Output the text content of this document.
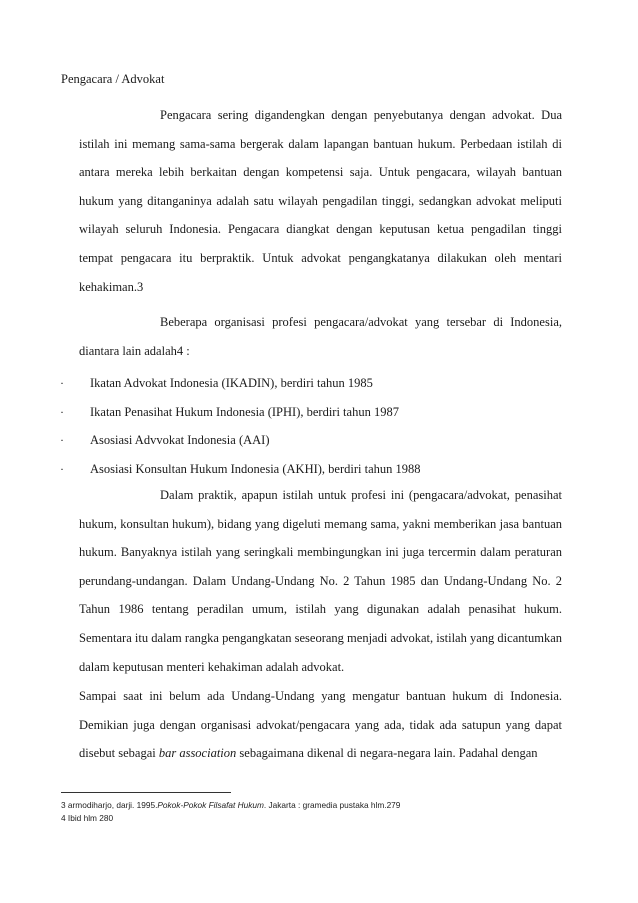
Pengacara / Advokat

Pengacara sering digandengkan dengan penyebutanya dengan advokat. Dua istilah ini memang sama-sama bergerak dalam lapangan bantuan hukum. Perbedaan istilah di antara mereka lebih berkaitan dengan kompetensi saja. Untuk pengacara, wilayah bantuan hukum yang ditanganinya adalah satu wilayah pengadilan tinggi, sedangkan advokat meliputi wilayah seluruh Indonesia. Pengacara diangkat dengan keputusan ketua pengadilan tinggi tempat pengacara itu berpraktik. Untuk advokat pengangkatanya dilakukan oleh mentari kehakiman.3

Beberapa organisasi profesi pengacara/advokat yang tersebar di Indonesia, diantara lain adalah4 :

· Ikatan Advokat Indonesia (IKADIN), berdiri tahun 1985
· Ikatan Penasihat Hukum Indonesia (IPHI), berdiri tahun 1987
· Asosiasi Advvokat Indonesia (AAI)
· Asosiasi Konsultan Hukum Indonesia (AKHI), berdiri tahun 1988

Dalam praktik, apapun istilah untuk profesi ini (pengacara/advokat, penasihat hukum, konsultan hukum), bidang yang digeluti memang sama, yakni memberikan jasa bantuan hukum. Banyaknya istilah yang seringkali membingungkan ini juga tercermin dalam peraturan perundang-undangan. Dalam Undang-Undang No. 2 Tahun 1985 dan Undang-Undang No. 2 Tahun 1986 tentang peradilan umum, istilah yang digunakan adalah penasihat hukum. Sementara itu dalam rangka pengangkatan seseorang menjadi advokat, istilah yang dicantumkan dalam keputusan menteri kehakiman adalah advokat.

Sampai saat ini belum ada Undang-Undang yang mengatur bantuan hukum di Indonesia. Demikian juga dengan organisasi advokat/pengacara yang ada, tidak ada satupun yang dapat disebut sebagai bar association sebagaimana dikenal di negara-negara lain. Padahal dengan

3 armodiharjo, darji. 1995.Pokok-Pokok Filsafat Hukum. Jakarta : gramedia pustaka hlm.279
4 Ibid hlm 280
